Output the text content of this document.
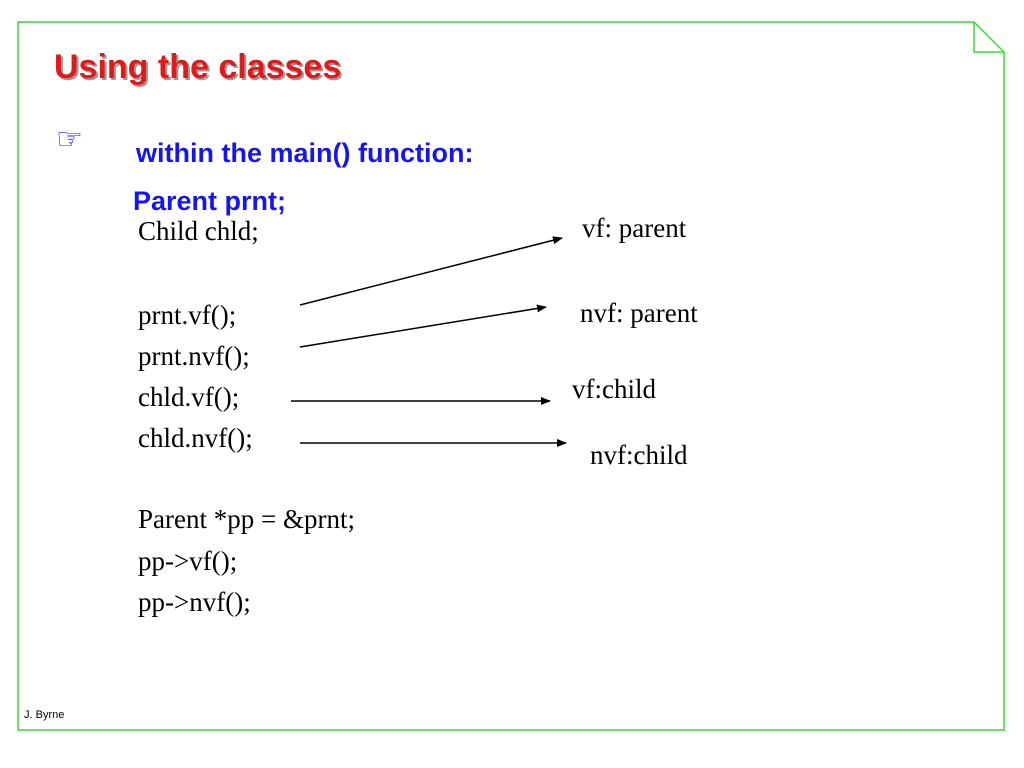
Using the classes
☞ within the main() function:
Parent prnt;
Child chld;
prnt.vf();
prnt.nvf();
chld.vf();
chld.nvf();
Parent *pp = &prnt;
pp->vf();
pp->nvf();
vf: parent
nvf: parent
vf:child
nvf:child
J. Byrne
